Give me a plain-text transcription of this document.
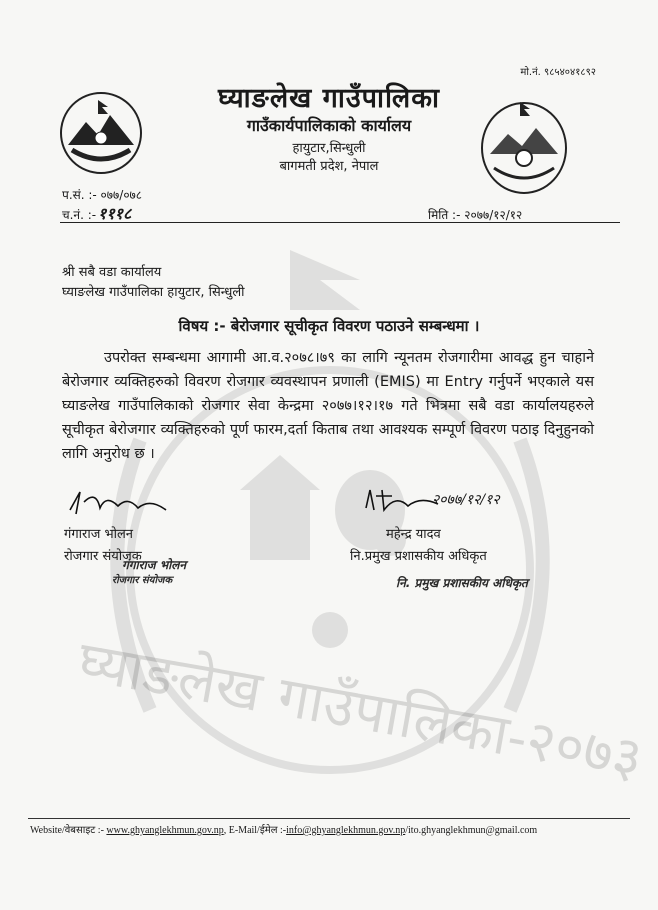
घ्याङलेख गाउँपालिका-२०७३
मो.नं. ९८५४०४१८९२
घ्याङलेख गाउँपालिका
गाउँकार्यपालिकाको कार्यालय
हायुटार,सिन्धुली
बागमती प्रदेश, नेपाल
प.सं. :- ०७७/०७८
च.नं. :- १११८	मिति :- २०७७/१२/१२
श्री सबै वडा कार्यालय
घ्याङलेख गाउँपालिका हायुटार, सिन्धुली
विषय :- बेरोजगार सूचीकृत विवरण पठाउने सम्बन्धमा ।
उपरोक्त सम्बन्धमा आगामी आ.व.२०७८।७९ का लागि न्यूनतम रोजगारीमा आवद्ध हुन चाहाने बेरोजगार व्यक्तिहरुको विवरण रोजगार व्यवस्थापन प्रणाली (EMIS) मा Entry गर्नुपर्ने भएकाले यस घ्याङलेख गाउँपालिकाको रोजगार सेवा केन्द्रमा २०७७।१२।१७ गते भित्रमा सबै वडा कार्यालयहरुले सूचीकृत बेरोजगार व्यक्तिहरुको पूर्ण फारम,दर्ता किताब तथा आवश्यक सम्पूर्ण विवरण पठाइ दिनुहुनको लागि अनुरोध छ ।
गंगाराज भोलन
रोजगार संयोजक
गंगाराज भोलन
रोजगार संयोजक
२०७७/१२/१२
महेन्द्र यादव
नि.प्रमुख प्रशासकीय अधिकृत
नि. प्रमुख प्रशासकीय अधिकृत
Website/वेबसाइट :- www.ghyanglekhmun.gov.np, E-Mail/ईमेल :-info@ghyanglekhmun.gov.np/ito.ghyanglekhmun@gmail.com
